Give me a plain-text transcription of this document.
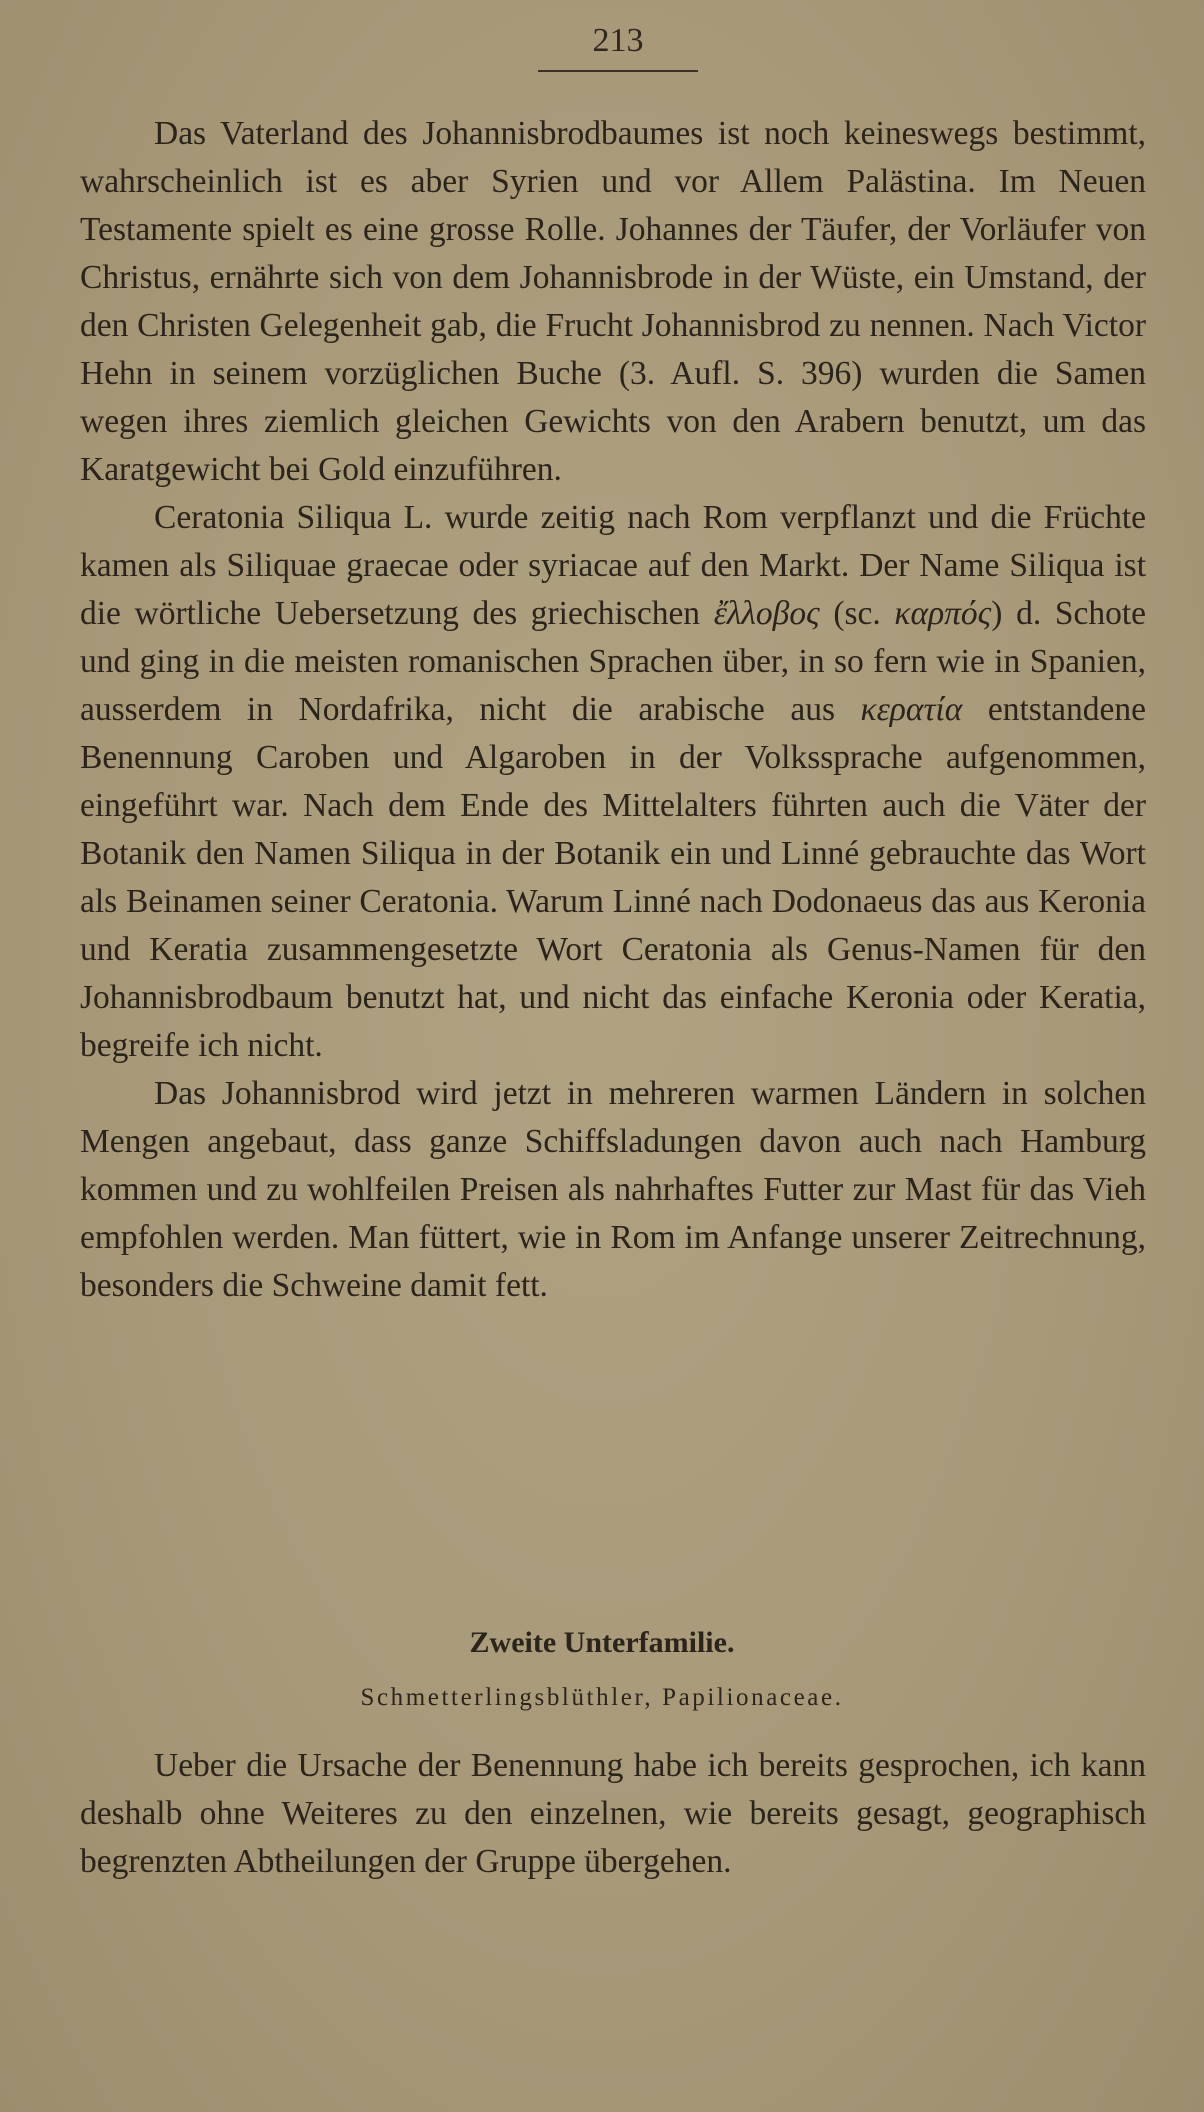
213

Das Vaterland des Johannisbrodbaumes ist noch keineswegs bestimmt, wahrscheinlich ist es aber Syrien und vor Allem Palästina. Im Neuen Testamente spielt es eine grosse Rolle. Johannes der Täufer, der Vorläufer von Christus, ernährte sich von dem Johannisbrode in der Wüste, ein Umstand, der den Christen Gelegenheit gab, die Frucht Johannisbrod zu nennen. Nach Victor Hehn in seinem vorzüglichen Buche (3. Aufl. S. 396) wurden die Samen wegen ihres ziemlich gleichen Gewichts von den Arabern benutzt, um das Karatgewicht bei Gold einzuführen.

Ceratonia Siliqua L. wurde zeitig nach Rom verpflanzt und die Früchte kamen als Siliquae graecae oder syriacae auf den Markt. Der Name Siliqua ist die wörtliche Uebersetzung des griechischen ἔλλοβος (sc. καρπός) d. Schote und ging in die meisten romanischen Sprachen über, in so fern wie in Spanien, ausserdem in Nordafrika, nicht die arabische aus κερατία entstandene Benennung Caroben und Algaroben in der Volkssprache aufgenommen, eingeführt war. Nach dem Ende des Mittelalters führten auch die Väter der Botanik den Namen Siliqua in der Botanik ein und Linné gebrauchte das Wort als Beinamen seiner Ceratonia. Warum Linné nach Dodonaeus das aus Keronia und Keratia zusammengesetzte Wort Ceratonia als Genus-Namen für den Johannisbrodbaum benutzt hat, und nicht das einfache Keronia oder Keratia, begreife ich nicht.

Das Johannisbrod wird jetzt in mehreren warmen Ländern in solchen Mengen angebaut, dass ganze Schiffsladungen davon auch nach Hamburg kommen und zu wohlfeilen Preisen als nahrhaftes Futter zur Mast für das Vieh empfohlen werden. Man füttert, wie in Rom im Anfange unserer Zeitrechnung, besonders die Schweine damit fett.

Zweite Unterfamilie.
Schmetterlingsblüthler, Papilionaceae.

Ueber die Ursache der Benennung habe ich bereits gesprochen, ich kann deshalb ohne Weiteres zu den einzelnen, wie bereits gesagt, geographisch begrenzten Abtheilungen der Gruppe übergehen.
